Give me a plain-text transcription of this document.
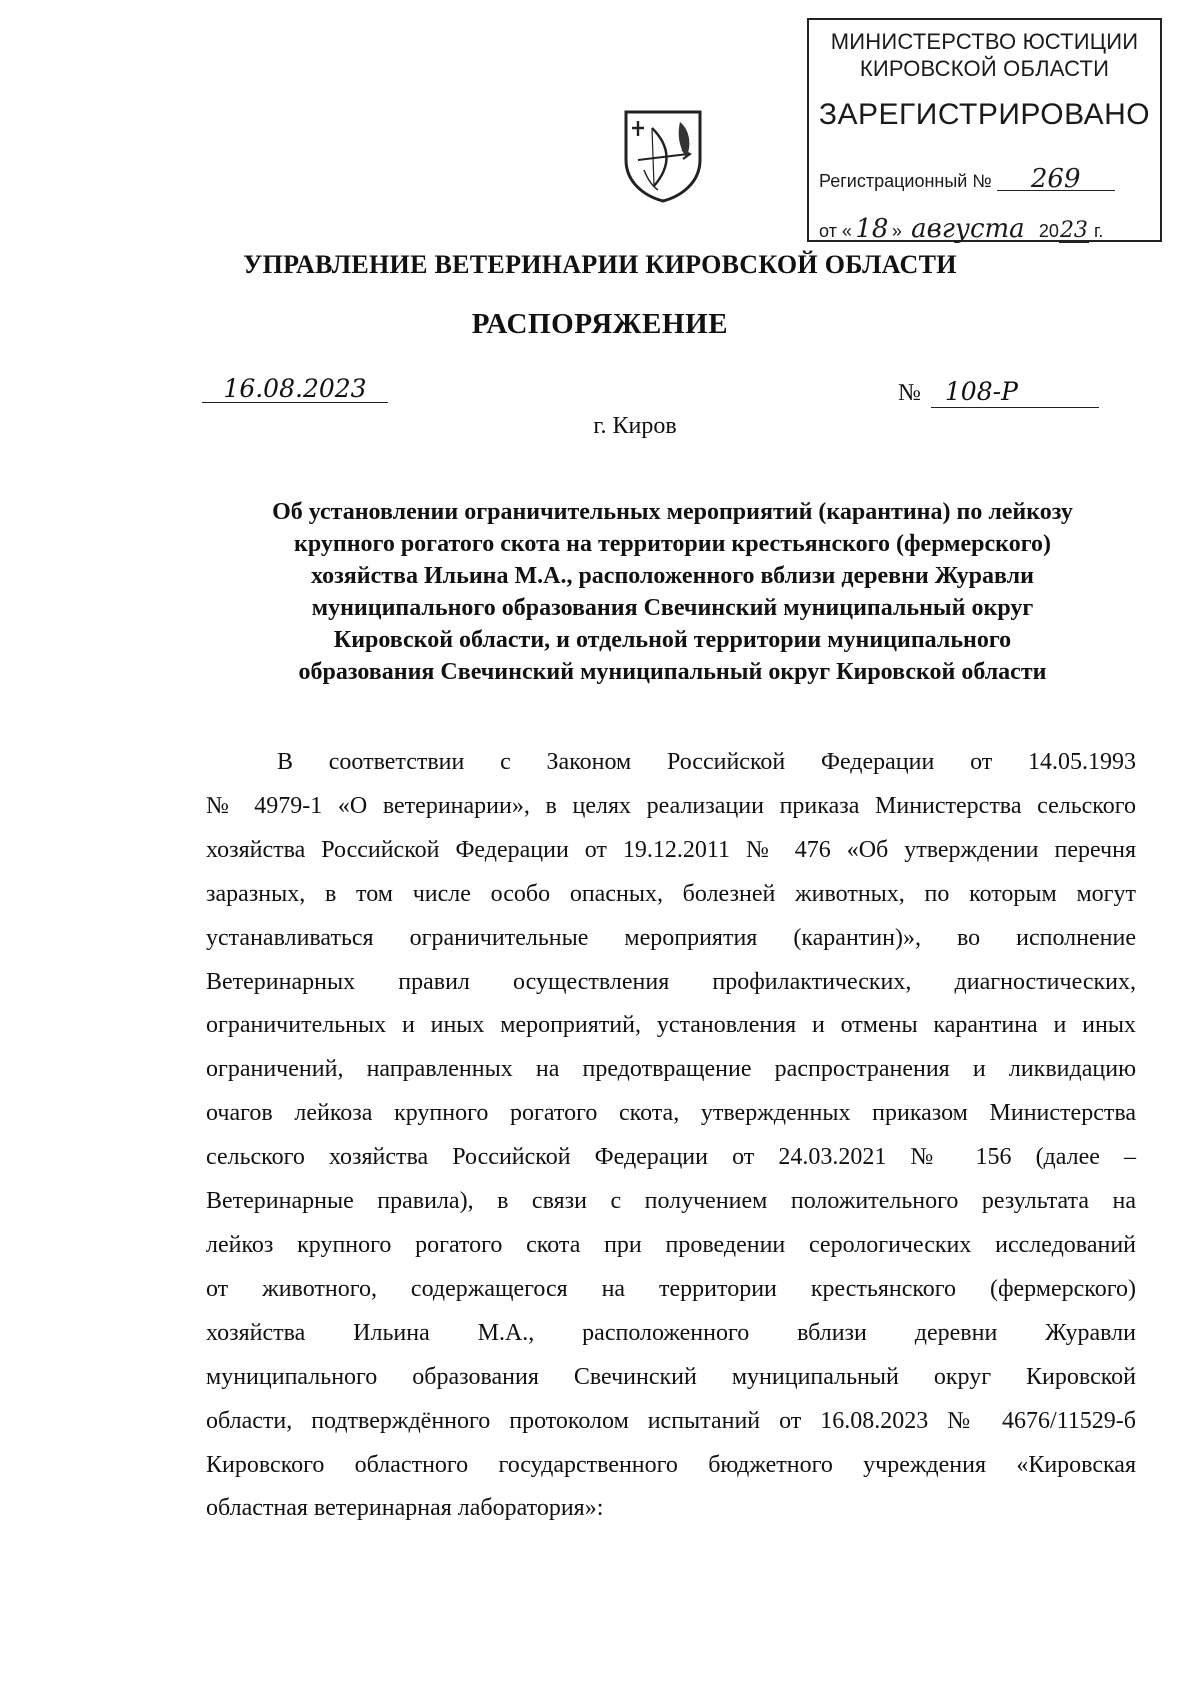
МИНИСТЕРСТВО ЮСТИЦИИ
КИРОВСКОЙ ОБЛАСТИ
ЗАРЕГИСТРИРОВАНО
Регистрационный № 269
от « 18 » августа 2023 г.
УПРАВЛЕНИЕ ВЕТЕРИНАРИИ КИРОВСКОЙ ОБЛАСТИ
РАСПОРЯЖЕНИЕ
16.08.2023	№ 108-Р
г. Киров
Об установлении ограничительных мероприятий (карантина) по лейкозу
крупного рогатого скота на территории крестьянского (фермерского)
хозяйства Ильина М.А., расположенного вблизи деревни Журавли
муниципального образования Свечинский муниципальный округ
Кировской области, и отдельной территории муниципального
образования Свечинский муниципальный округ Кировской области
В соответствии с Законом Российской Федерации от 14.05.1993
№ 4979-1 «О ветеринарии», в целях реализации приказа Министерства сельского
хозяйства Российской Федерации от 19.12.2011 № 476 «Об утверждении перечня
заразных, в том числе особо опасных, болезней животных, по которым могут
устанавливаться ограничительные мероприятия (карантин)», во исполнение
Ветеринарных правил осуществления профилактических, диагностических,
ограничительных и иных мероприятий, установления и отмены карантина и иных
ограничений, направленных на предотвращение распространения и ликвидацию
очагов лейкоза крупного рогатого скота, утвержденных приказом Министерства
сельского хозяйства Российской Федерации от 24.03.2021 № 156 (далее –
Ветеринарные правила), в связи с получением положительного результата на
лейкоз крупного рогатого скота при проведении серологических исследований
от животного, содержащегося на территории крестьянского (фермерского)
хозяйства Ильина М.А., расположенного вблизи деревни Журавли
муниципального образования Свечинский муниципальный округ Кировской
области, подтверждённого протоколом испытаний от 16.08.2023 № 4676/11529-б
Кировского областного государственного бюджетного учреждения «Кировская
областная ветеринарная лаборатория»:
